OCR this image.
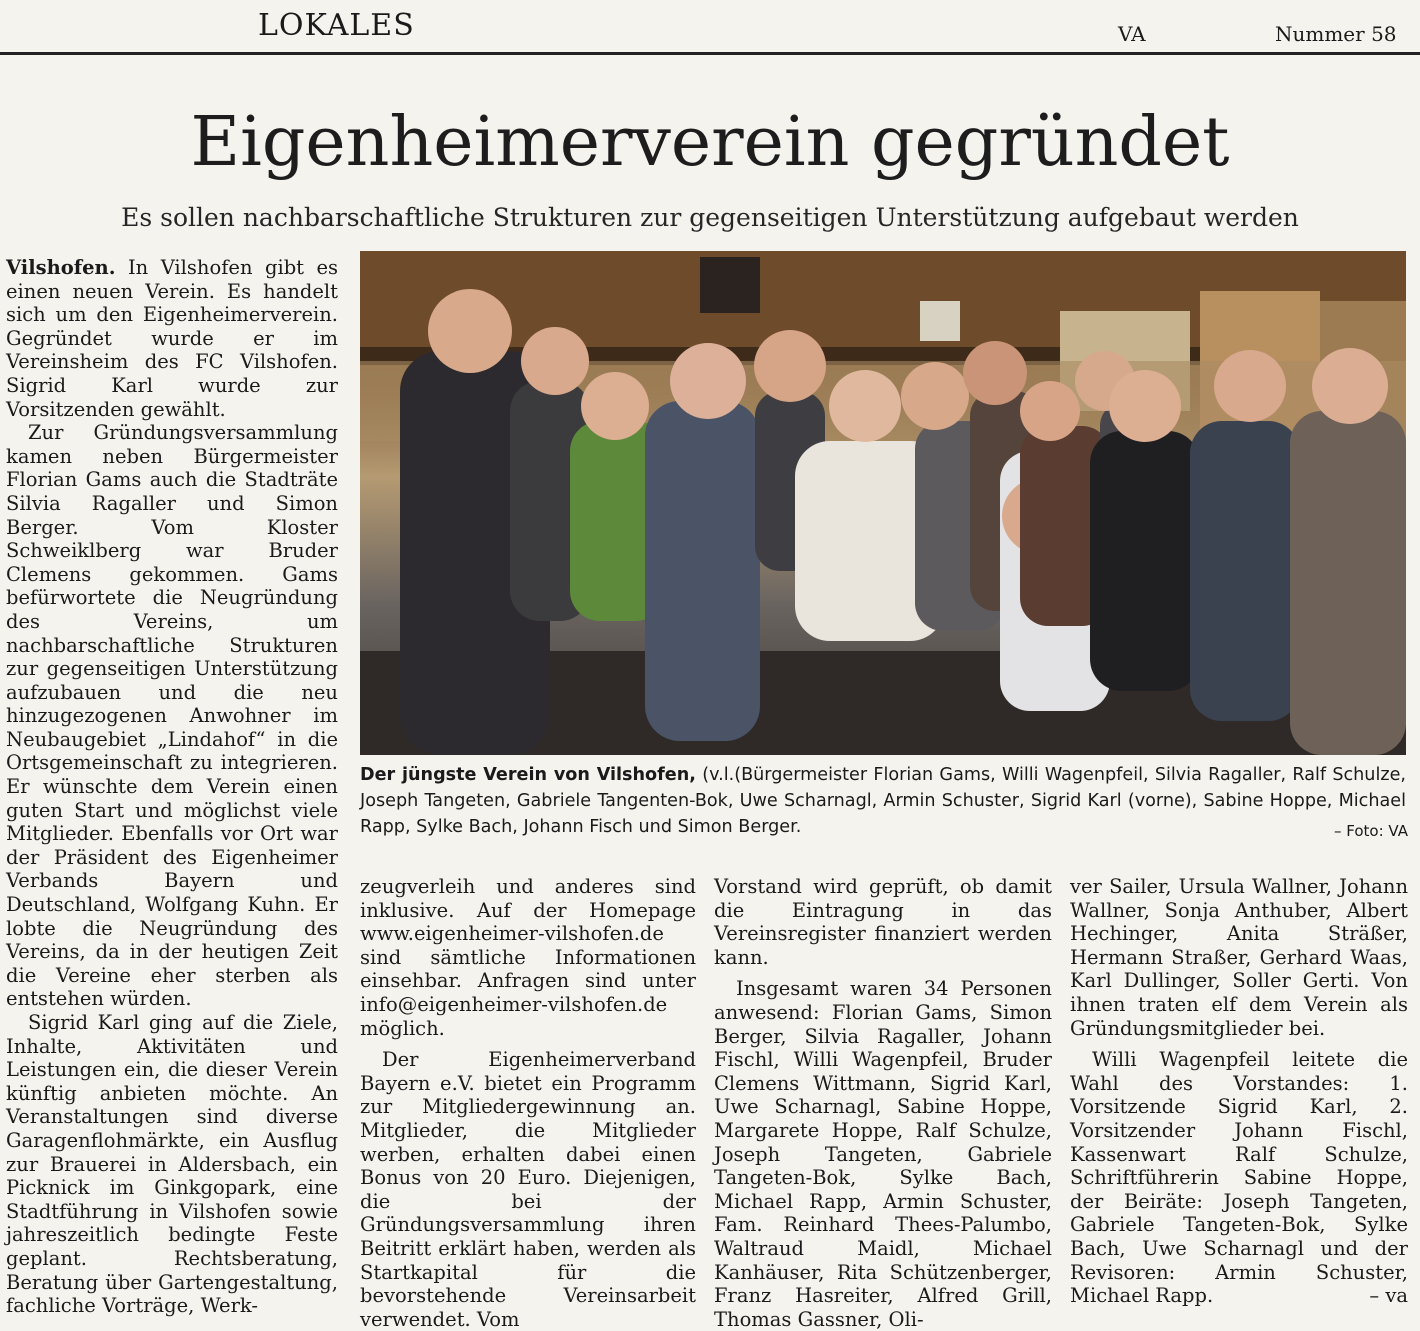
LOKALES	VA	Nummer 58
Eigenheimerverein gegründet
Es sollen nachbarschaftliche Strukturen zur gegenseitigen Unterstützung aufgebaut werden

Vilshofen. In Vilshofen gibt es einen neuen Verein. Es handelt sich um den Eigenheimerverein. Gegründet wurde er im Vereinsheim des FC Vilshofen. Sigrid Karl wurde zur Vorsitzenden gewählt.

Zur Gründungsversammlung kamen neben Bürgermeister Florian Gams auch die Stadträte Silvia Ragaller und Simon Berger. Vom Kloster Schweiklberg war Bruder Clemens gekommen. Gams befürwortete die Neugründung des Vereins, um nachbarschaftliche Strukturen zur gegenseitigen Unterstützung aufzubauen und die neu hinzugezogenen Anwohner im Neubaugebiet „Lindahof“ in die Ortsgemeinschaft zu integrieren. Er wünschte dem Verein einen guten Start und möglichst viele Mitglieder. Ebenfalls vor Ort war der Präsident des Eigenheimer Verbands Bayern und Deutschland, Wolfgang Kuhn. Er lobte die Neugründung des Vereins, da in der heutigen Zeit die Vereine eher sterben als entstehen würden.

Sigrid Karl ging auf die Ziele, Inhalte, Aktivitäten und Leistungen ein, die dieser Verein künftig anbieten möchte. An Veranstaltungen sind diverse Garagenflohmärkte, ein Ausflug zur Brauerei in Aldersbach, ein Picknick im Ginkgopark, eine Stadtführung in Vilshofen sowie jahreszeitlich bedingte Feste geplant. Rechtsberatung, Beratung über Gartengestaltung, fachliche Vorträge, Werk-

Der jüngste Verein von Vilshofen, (v.l.(Bürgermeister Florian Gams, Willi Wagenpfeil, Silvia Ragaller, Ralf Schulze, Joseph Tangeten, Gabriele Tangenten-Bok, Uwe Scharnagl, Armin Schuster, Sigrid Karl (vorne), Sabine Hoppe, Michael Rapp, Sylke Bach, Johann Fisch und Simon Berger.	– Foto: VA

zeugverleih und anderes sind inklusive. Auf der Homepage www.eigenheimer-vilshofen.de sind sämtliche Informationen einsehbar. Anfragen sind unter info@eigenheimer-vilshofen.de möglich.

Der Eigenheimerverband Bayern e.V. bietet ein Programm zur Mitgliedergewinnung an. Mitglieder, die Mitglieder werben, erhalten dabei einen Bonus von 20 Euro. Diejenigen, die bei der Gründungsversammlung ihren Beitritt erklärt haben, werden als Startkapital für die bevorstehende Vereinsarbeit verwendet. Vom

Vorstand wird geprüft, ob damit die Eintragung in das Vereinsregister finanziert werden kann.

Insgesamt waren 34 Personen anwesend: Florian Gams, Simon Berger, Silvia Ragaller, Johann Fischl, Willi Wagenpfeil, Bruder Clemens Wittmann, Sigrid Karl, Uwe Scharnagl, Sabine Hoppe, Margarete Hoppe, Ralf Schulze, Joseph Tangeten, Gabriele Tangeten-Bok, Sylke Bach, Michael Rapp, Armin Schuster, Fam. Reinhard Thees-Palumbo, Waltraud Maidl, Michael Kanhäuser, Rita Schützenberger, Franz Hasreiter, Alfred Grill, Thomas Gassner, Oli-

ver Sailer, Ursula Wallner, Johann Wallner, Sonja Anthuber, Albert Hechinger, Anita Sträßer, Hermann Straßer, Gerhard Waas, Karl Dullinger, Soller Gerti. Von ihnen traten elf dem Verein als Gründungsmitglieder bei.

Willi Wagenpfeil leitete die Wahl des Vorstandes: 1. Vorsitzende Sigrid Karl, 2. Vorsitzender Johann Fischl, Kassenwart Ralf Schulze, Schriftführerin Sabine Hoppe, der Beiräte: Joseph Tangeten, Gabriele Tangeten-Bok, Sylke Bach, Uwe Scharnagl und der Revisoren: Armin Schuster, Michael Rapp.	– va
